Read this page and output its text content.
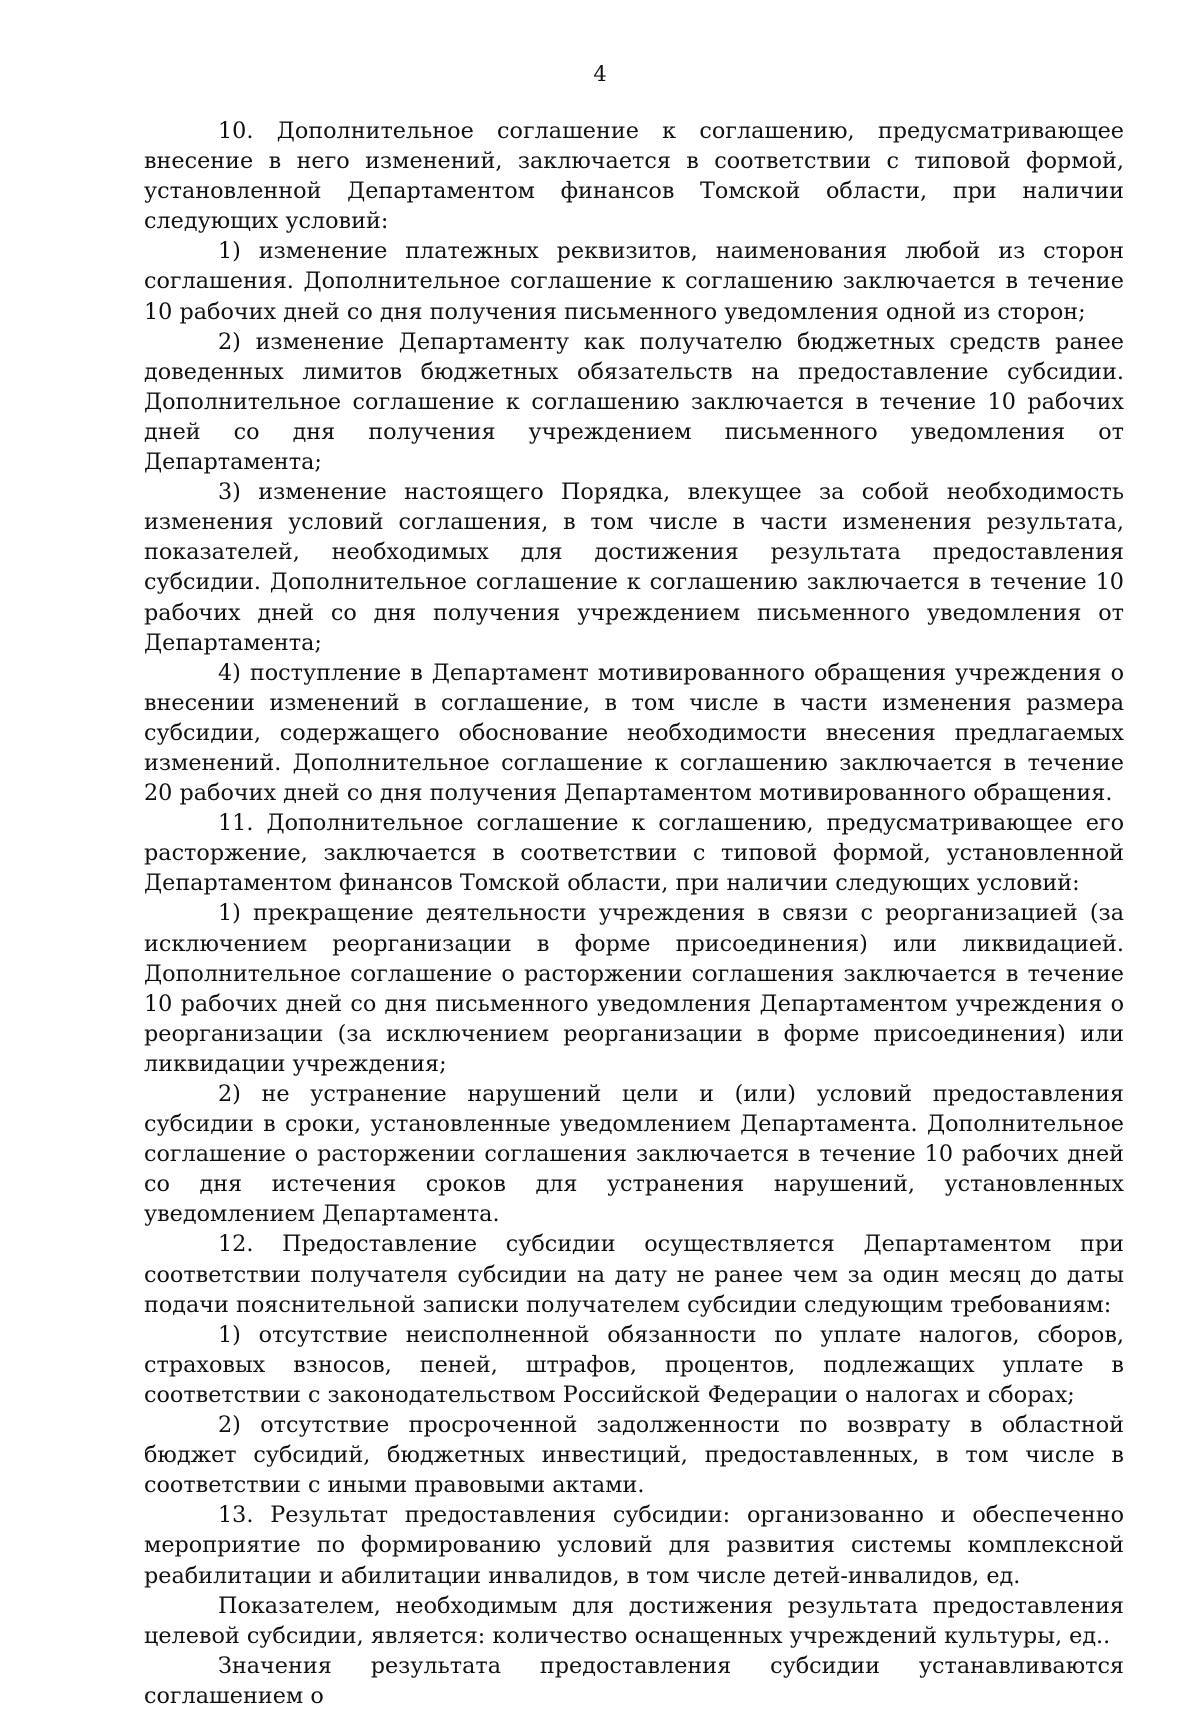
4

10. Дополнительное соглашение к соглашению, предусматривающее внесение в него изменений, заключается в соответствии с типовой формой, установленной Департаментом финансов Томской области, при наличии следующих условий:

1) изменение платежных реквизитов, наименования любой из сторон соглашения. Дополнительное соглашение к соглашению заключается в течение 10 рабочих дней со дня получения письменного уведомления одной из сторон;

2) изменение Департаменту как получателю бюджетных средств ранее доведенных лимитов бюджетных обязательств на предоставление субсидии. Дополнительное соглашение к соглашению заключается в течение 10 рабочих дней со дня получения учреждением письменного уведомления от Департамента;

3) изменение настоящего Порядка, влекущее за собой необходимость изменения условий соглашения, в том числе в части изменения результата, показателей, необходимых для достижения результата предоставления субсидии. Дополнительное соглашение к соглашению заключается в течение 10 рабочих дней со дня получения учреждением письменного уведомления от Департамента;

4) поступление в Департамент мотивированного обращения учреждения о внесении изменений в соглашение, в том числе в части изменения размера субсидии, содержащего обоснование необходимости внесения предлагаемых изменений. Дополнительное соглашение к соглашению заключается в течение 20 рабочих дней со дня получения Департаментом мотивированного обращения.

11. Дополнительное соглашение к соглашению, предусматривающее его расторжение, заключается в соответствии с типовой формой, установленной Департаментом финансов Томской области, при наличии следующих условий:

1) прекращение деятельности учреждения в связи с реорганизацией (за исключением реорганизации в форме присоединения) или ликвидацией. Дополнительное соглашение о расторжении соглашения заключается в течение 10 рабочих дней со дня письменного уведомления Департаментом учреждения о реорганизации (за исключением реорганизации в форме присоединения) или ликвидации учреждения;

2) не устранение нарушений цели и (или) условий предоставления субсидии в сроки, установленные уведомлением Департамента. Дополнительное соглашение о расторжении соглашения заключается в течение 10 рабочих дней со дня истечения сроков для устранения нарушений, установленных уведомлением Департамента.

12. Предоставление субсидии осуществляется Департаментом при соответствии получателя субсидии на дату не ранее чем за один месяц до даты подачи пояснительной записки получателем субсидии следующим требованиям:

1) отсутствие неисполненной обязанности по уплате налогов, сборов, страховых взносов, пеней, штрафов, процентов, подлежащих уплате в соответствии с законодательством Российской Федерации о налогах и сборах;

2) отсутствие просроченной задолженности по возврату в областной бюджет субсидий, бюджетных инвестиций, предоставленных, в том числе в соответствии с иными правовыми актами.

13. Результат предоставления субсидии: организованно и обеспеченно мероприятие по формированию условий для развития системы комплексной реабилитации и абилитации инвалидов, в том числе детей-инвалидов, ед.

Показателем, необходимым для достижения результата предоставления целевой субсидии, является: количество оснащенных учреждений культуры, ед..

Значения результата предоставления субсидии устанавливаются соглашением о
